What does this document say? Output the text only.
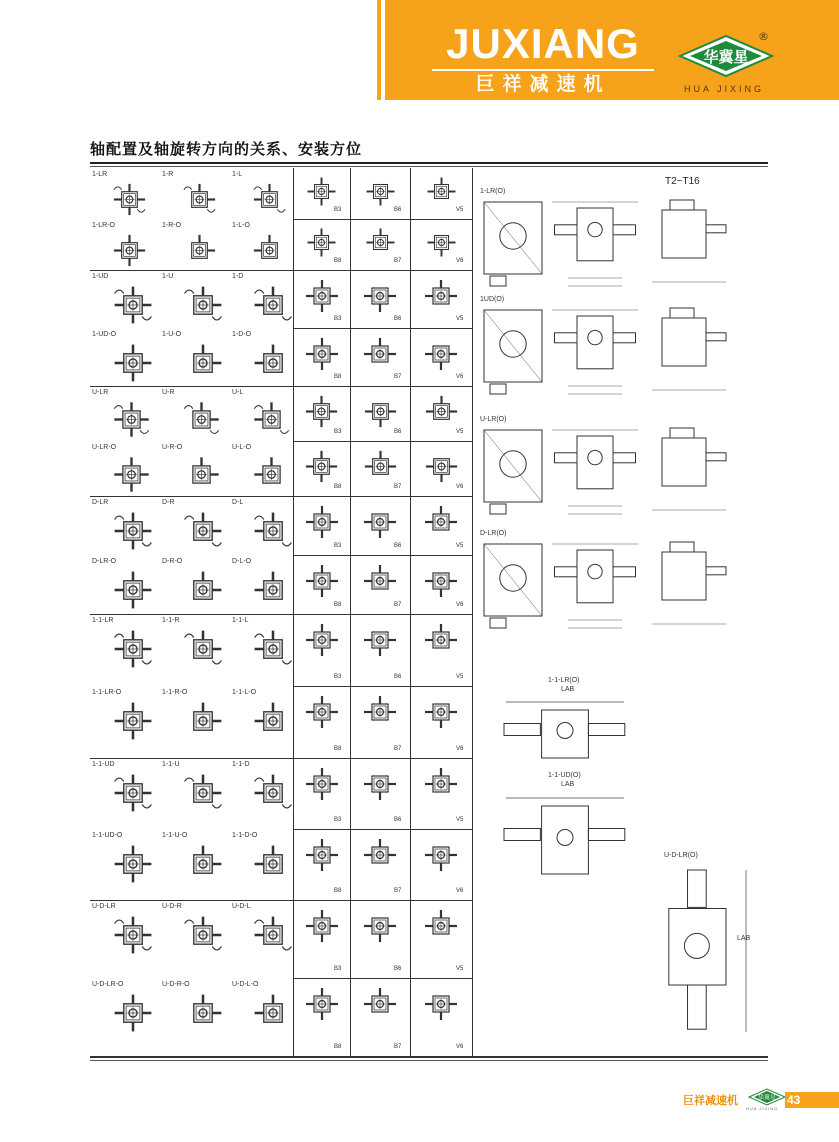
JUXIANG
巨祥减速机
华冀星
®
HUA JIXING
轴配置及轴旋转方向的关系、安装方位
1-LR	1-R	1-L
1-LR-O	1-R-O	1-L-O
B3	B6	V5
B8	B7	V6
1-UD	1-U	1-D
1-UD-O	1-U-O	1-D-O
B3	B6	V5
B8	B7	V6
U-LR	U-R	U-L
U-LR-O	U-R-O	U-L-O
B3	B6	V5
B8	B7	V6
D-LR	D-R	D-L
D-LR-O	D-R-O	D-L-O
B3	B6	V5
B8	B7	V6
1-1-LR	1-1-R	1-1-L
1-1-LR-O	1-1-R-O	1-1-L-O
B3	B6	V5
B8	B7	V6
1-1-UD	1-1-U	1-1-D
1-1-UD-O	1-1-U-O	1-1-D-O
B3	B6	V5
B8	B7	V6
U-D-LR	U-D-R	U-D-L
U-D-LR-O	U-D-R-O	U-D-L-O
B3	B6	V5
B8	B7	V6
T2~T16
1-LR(O)
1UD(O)
U-LR(O)
D-LR(O)
1-1-LR(O)
LAB
1-1-UD(O)
LAB
U-D-LR(O)
LAB
巨祥减速机	华冀星
HUA JIXING
43
